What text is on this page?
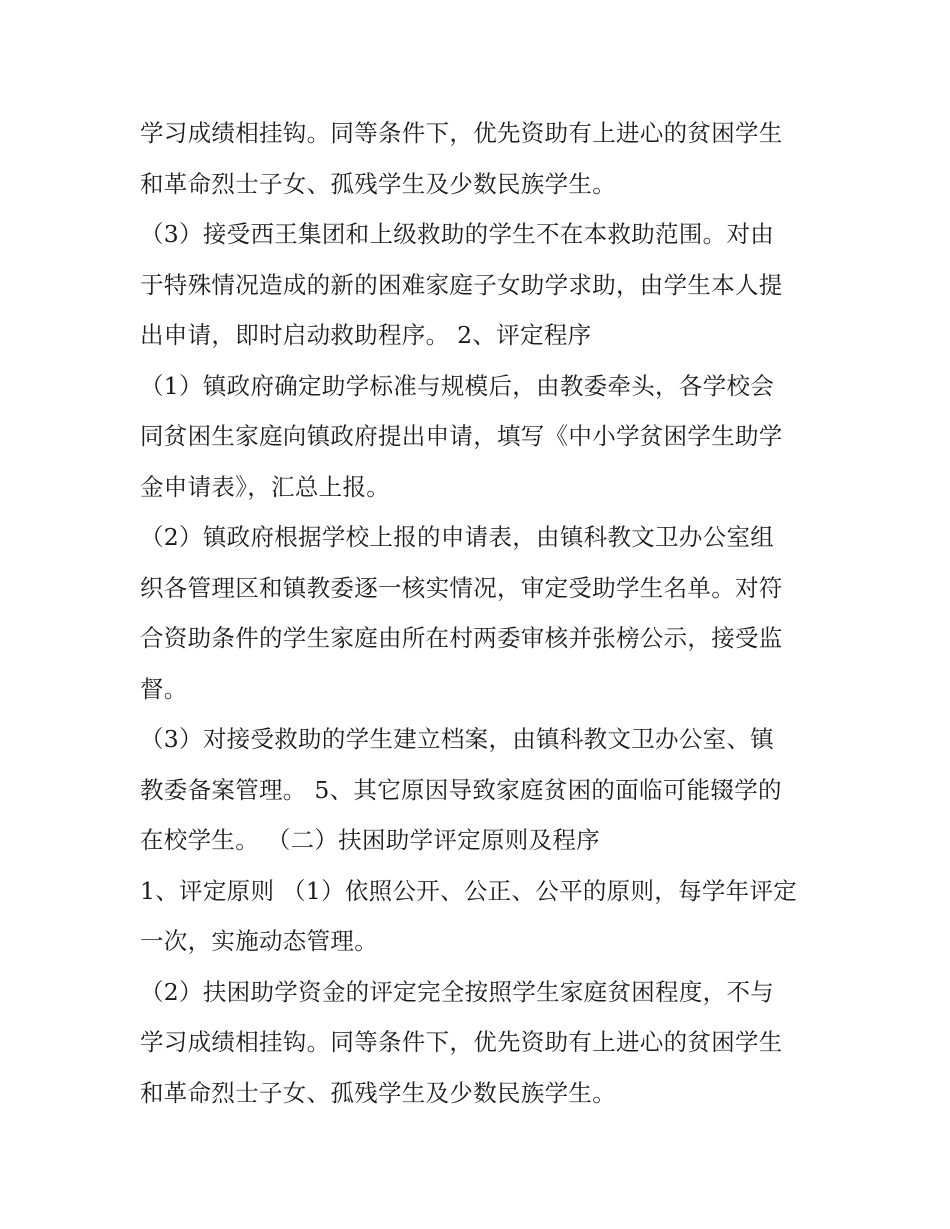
学习成绩相挂钩。同等条件下，优先资助有上进心的贫困学生
和革命烈士子女、孤残学生及少数民族学生。
（3）接受西王集团和上级救助的学生不在本救助范围。对由
于特殊情况造成的新的困难家庭子女助学求助，由学生本人提
出申请，即时启动救助程序。 2、评定程序
（1）镇政府确定助学标准与规模后，由教委牵头，各学校会
同贫困生家庭向镇政府提出申请，填写《中小学贫困学生助学
金申请表》，汇总上报。
（2）镇政府根据学校上报的申请表，由镇科教文卫办公室组
织各管理区和镇教委逐一核实情况，审定受助学生名单。对符
合资助条件的学生家庭由所在村两委审核并张榜公示，接受监
督。
（3）对接受救助的学生建立档案，由镇科教文卫办公室、镇
教委备案管理。 5、其它原因导致家庭贫困的面临可能辍学的
在校学生。 （二）扶困助学评定原则及程序
1、评定原则 （1）依照公开、公正、公平的原则，每学年评定
一次，实施动态管理。
（2）扶困助学资金的评定完全按照学生家庭贫困程度，不与
学习成绩相挂钩。同等条件下，优先资助有上进心的贫困学生
和革命烈士子女、孤残学生及少数民族学生。
